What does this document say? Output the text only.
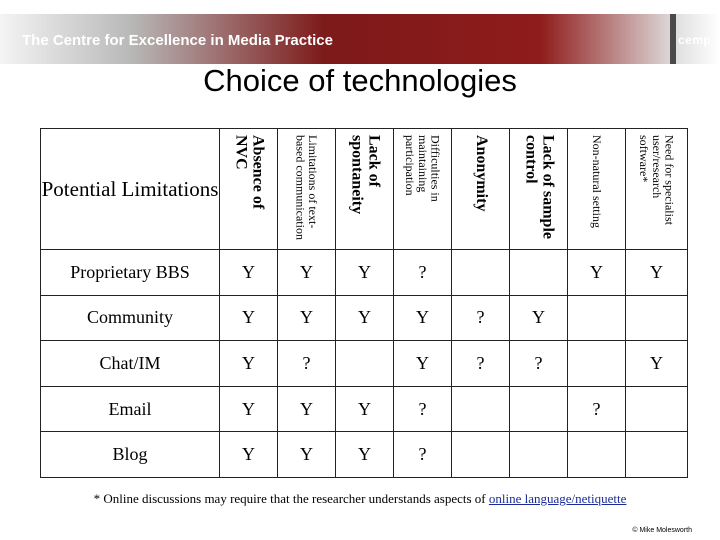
The Centre for Excellence in Media Practice	cemp
Choice of technologies
Potential Limitations	Absence of NVC	Limitations of text-based communication	Lack of spontaneity	Difficulties in maintaining participation	Anonymity	Lack of sample control	Non-natural setting	Need for specialist user/research software*

Proprietary BBS	Y	Y	Y	?			Y	Y
Community	Y	Y	Y	Y	?	Y		
Chat/IM	Y	?		Y	?	?		Y
Email	Y	Y	Y	?			?	
Blog	Y	Y	Y	?				
* Online discussions may require that the researcher understands aspects of online language/netiquette
© Mike Molesworth
